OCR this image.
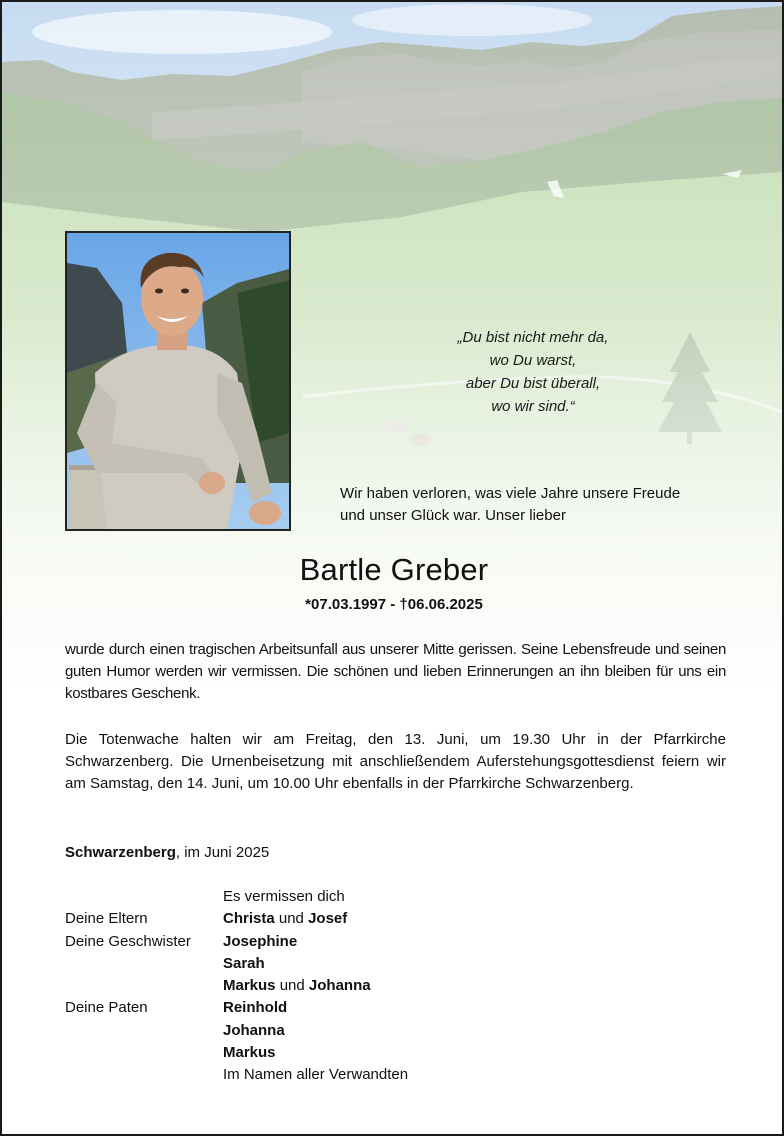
„Du bist nicht mehr da,
wo Du warst,
aber Du bist überall,
wo wir sind.“
Wir haben verloren, was viele Jahre unsere Freude
und unser Glück war. Unser lieber
Bartle Greber
*07.03.1997 - †06.06.2025
wurde durch einen tragischen Arbeitsunfall aus unserer Mitte gerissen. Seine Lebensfreude und seinen guten Humor werden wir vermissen. Die schönen und lieben Erinnerungen an ihn bleiben für uns ein kostbares Geschenk.
Die Totenwache halten wir am Freitag, den 13. Juni, um 19.30 Uhr in der Pfarrkirche Schwarzenberg. Die Urnenbeisetzung mit anschließendem Auferstehungsgottesdienst feiern wir am Samstag, den 14. Juni, um 10.00 Uhr ebenfalls in der Pfarrkirche Schwarzenberg.
Schwarzenberg, im Juni 2025
Es vermissen dich
Deine Eltern	Christa und Josef
Deine Geschwister	Josephine
Sarah
Markus und Johanna
Deine Paten	Reinhold
Johanna
Markus
Im Namen aller Verwandten
